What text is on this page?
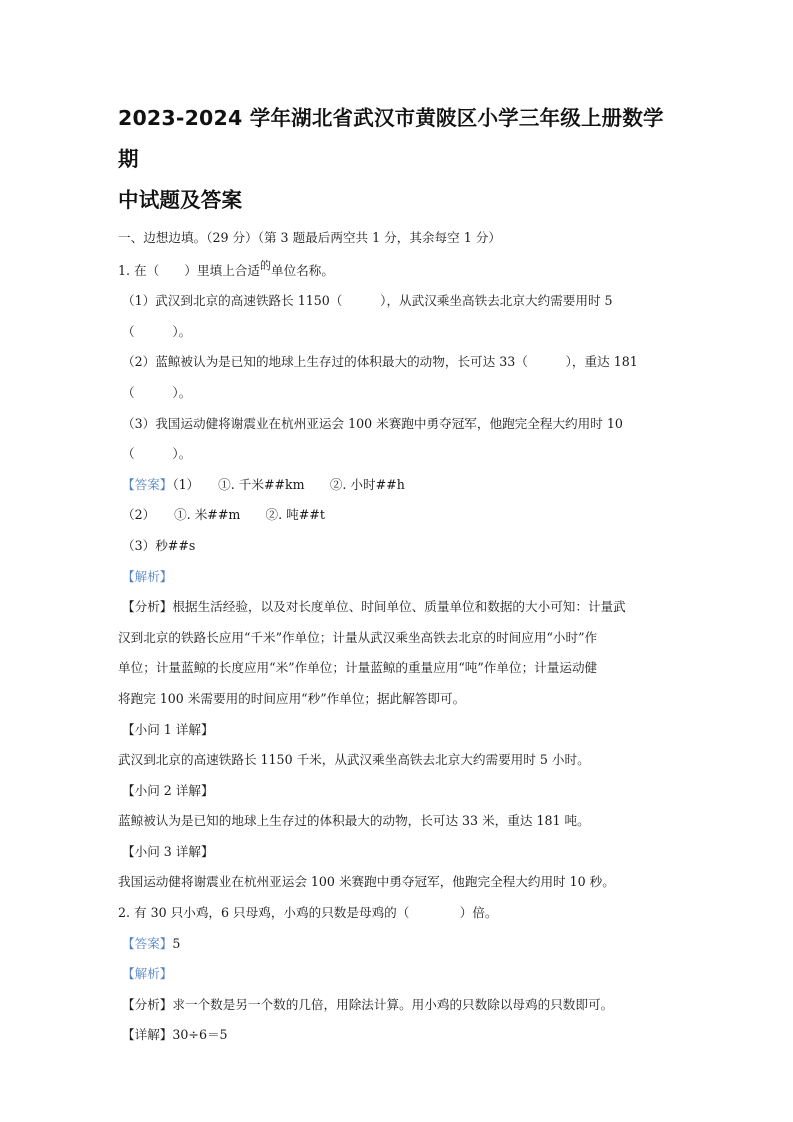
2023-2024 学年湖北省武汉市黄陂区小学三年级上册数学期
中试题及答案
一、边想边填。（29 分）（第 3 题最后两空共 1 分，其余每空 1 分）
1. 在（　　 ）里填上合适的单位名称。
（1）武汉到北京的高速铁路长 1150（　　　），从武汉乘坐高铁去北京大约需要用时 5
（　　　）。
（2）蓝鲸被认为是已知的地球上生存过的体积最大的动物，长可达 33（　　　），重达 181
（　　　）。
（3）我国运动健将谢震业在杭州亚运会 100 米赛跑中勇夺冠军，他跑完全程大约用时 10
（　　　）。
【答案】（1）　　①. 千米##km　　②. 小时##h
（2）　　①. 米##m　　②. 吨##t
（3）秒##s
【解析】
【分析】根据生活经验，以及对长度单位、时间单位、质量单位和数据的大小可知：计量武
汉到北京的铁路长应用“千米”作单位；计量从武汉乘坐高铁去北京的时间应用“小时”作
单位；计量蓝鲸的长度应用“米”作单位；计量蓝鲸的重量应用“吨”作单位；计量运动健
将跑完 100 米需要用的时间应用“秒”作单位；据此解答即可。
【小问 1 详解】
武汉到北京的高速铁路长 1150 千米，从武汉乘坐高铁去北京大约需要用时 5 小时。
【小问 2 详解】
蓝鲸被认为是已知的地球上生存过的体积最大的动物，长可达 33 米，重达 181 吨。
【小问 3 详解】
我国运动健将谢震业在杭州亚运会 100 米赛跑中勇夺冠军，他跑完全程大约用时 10 秒。
2. 有 30 只小鸡，6 只母鸡，小鸡的只数是母鸡的（　　　　）倍。
【答案】5
【解析】
【分析】求一个数是另一个数的几倍，用除法计算。用小鸡的只数除以母鸡的只数即可。
【详解】30÷6＝5
